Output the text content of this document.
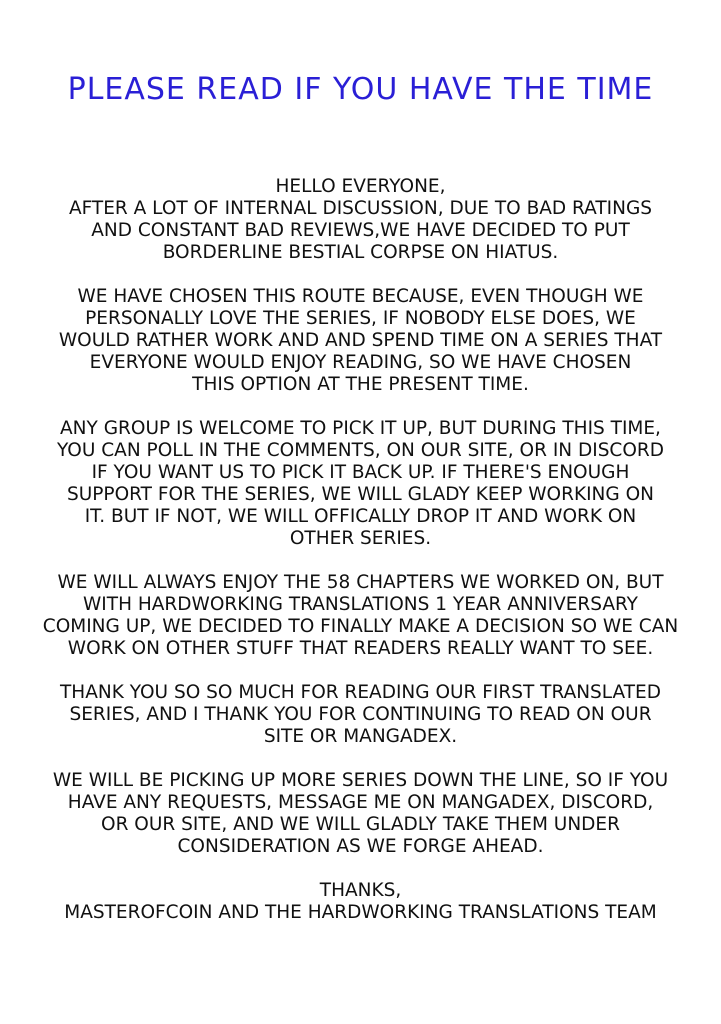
PLEASE READ IF YOU HAVE THE TIME

HELLO EVERYONE,
AFTER A LOT OF INTERNAL DISCUSSION, DUE TO BAD RATINGS
AND CONSTANT BAD REVIEWS,WE HAVE DECIDED TO PUT
BORDERLINE BESTIAL CORPSE ON HIATUS.

WE HAVE CHOSEN THIS ROUTE BECAUSE, EVEN THOUGH WE
PERSONALLY LOVE THE SERIES, IF NOBODY ELSE DOES, WE
WOULD RATHER WORK AND AND SPEND TIME ON A SERIES THAT
EVERYONE WOULD ENJOY READING, SO WE HAVE CHOSEN
THIS OPTION AT THE PRESENT TIME.

ANY GROUP IS WELCOME TO PICK IT UP, BUT DURING THIS TIME,
YOU CAN POLL IN THE COMMENTS, ON OUR SITE, OR IN DISCORD
IF YOU WANT US TO PICK IT BACK UP. IF THERE'S ENOUGH
SUPPORT FOR THE SERIES, WE WILL GLADY KEEP WORKING ON
IT. BUT IF NOT, WE WILL OFFICALLY DROP IT AND WORK ON
OTHER SERIES.

WE WILL ALWAYS ENJOY THE 58 CHAPTERS WE WORKED ON, BUT
WITH HARDWORKING TRANSLATIONS 1 YEAR ANNIVERSARY
COMING UP, WE DECIDED TO FINALLY MAKE A DECISION SO WE CAN
WORK ON OTHER STUFF THAT READERS REALLY WANT TO SEE.

THANK YOU SO SO MUCH FOR READING OUR FIRST TRANSLATED
SERIES, AND I THANK YOU FOR CONTINUING TO READ ON OUR
SITE OR MANGADEX.

WE WILL BE PICKING UP MORE SERIES DOWN THE LINE, SO IF YOU
HAVE ANY REQUESTS, MESSAGE ME ON MANGADEX, DISCORD,
OR OUR SITE, AND WE WILL GLADLY TAKE THEM UNDER
CONSIDERATION AS WE FORGE AHEAD.

THANKS,
MASTEROFCOIN AND THE HARDWORKING TRANSLATIONS TEAM
